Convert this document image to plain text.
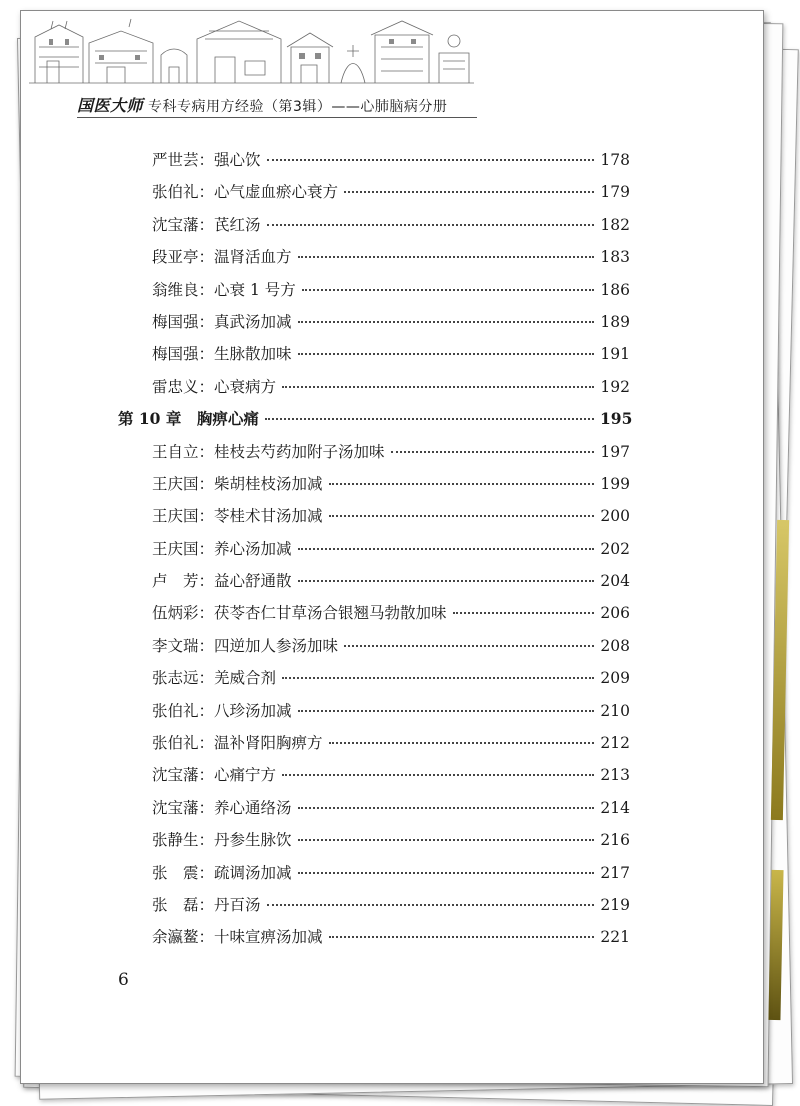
国医大师 专科专病用方经验（第3辑）——心肺脑病分册
严世芸：强心饮	178
张伯礼：心气虚血瘀心衰方	179
沈宝藩：芪红汤	182
段亚亭：温肾活血方	183
翁维良：心衰 1 号方	186
梅国强：真武汤加减	189
梅国强：生脉散加味	191
雷忠义：心衰病方	192
第 10 章　 胸痹心痛	195
王自立：桂枝去芍药加附子汤加味	197
王庆国：柴胡桂枝汤加减	199
王庆国：苓桂术甘汤加减	200
王庆国：养心汤加减	202
卢　芳：益心舒通散	204
伍炳彩：茯苓杏仁甘草汤合银翘马勃散加味	206
李文瑞：四逆加人参汤加味	208
张志远：羌威合剂	209
张伯礼：八珍汤加减	210
张伯礼：温补肾阳胸痹方	212
沈宝藩：心痛宁方	213
沈宝藩：养心通络汤	214
张静生：丹参生脉饮	216
张　震：疏调汤加减	217
张　磊：丹百汤	219
余瀛鳌：十味宣痹汤加减	221
6
